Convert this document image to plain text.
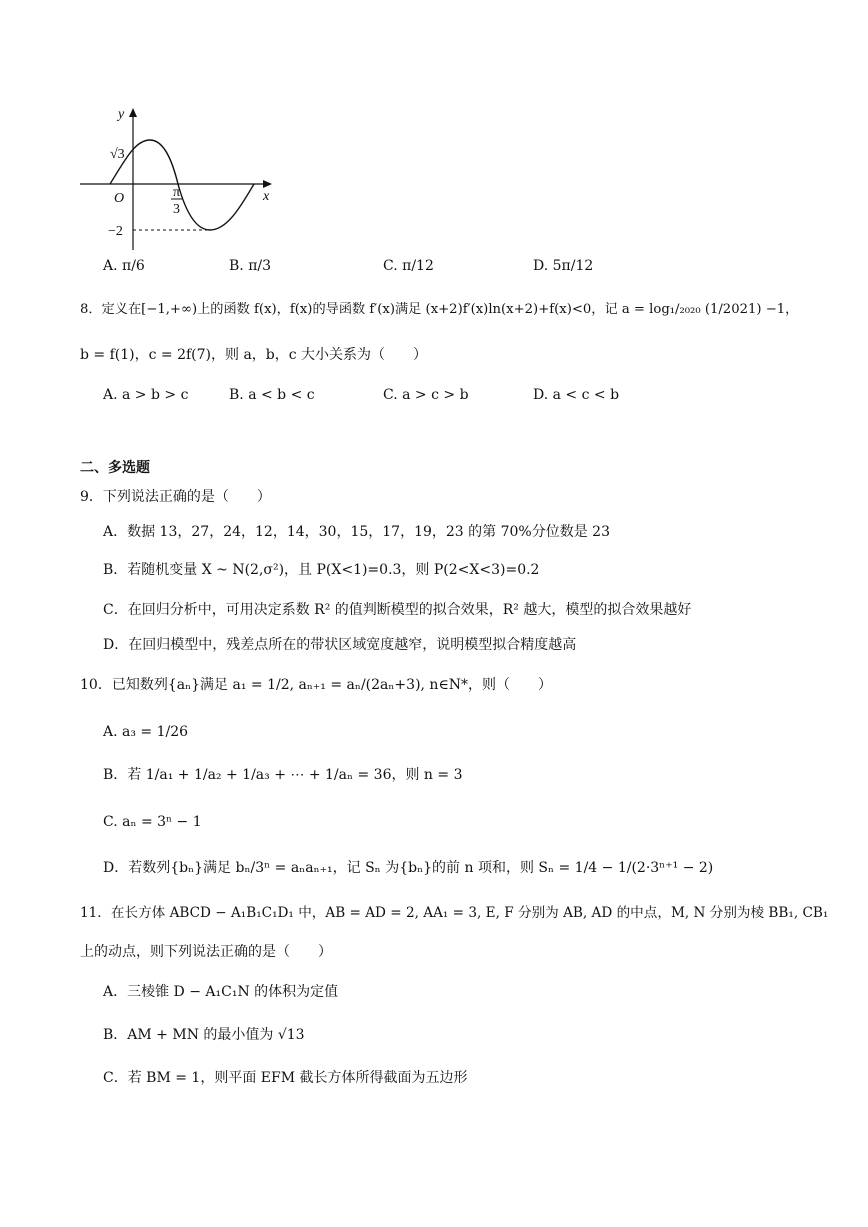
y
x
O
√3
−2
π
3
A. π/6	B. π/3	C. π/12	D. 5π/12
8．定义在[−1,+∞)上的函数 f(x)，f(x)的导函数 f′(x)满足 (x+2)f′(x)ln(x+2)+f(x)<0，记 a = log₁/₂₀₂₀ (1/2021) −1，
b = f(1)，c = 2f(7)，则 a，b，c 大小关系为（　　）
A. a > b > c	B. a < b < c	C. a > c > b	D. a < c < b
二、多选题
9．下列说法正确的是（　　）
A．数据 13，27，24，12，14，30，15，17，19，23 的第 70%分位数是 23
B．若随机变量 X ~ N(2,σ²)，且 P(X<1)=0.3，则 P(2<X<3)=0.2
C．在回归分析中，可用决定系数 R² 的值判断模型的拟合效果，R² 越大，模型的拟合效果越好
D．在回归模型中，残差点所在的带状区域宽度越窄，说明模型拟合精度越高
10．已知数列{aₙ}满足 a₁ = 1/2, aₙ₊₁ = aₙ/(2aₙ+3), n∈N*，则（　　）
A. a₃ = 1/26
B．若 1/a₁ + 1/a₂ + 1/a₃ + ⋯ + 1/aₙ = 36，则 n = 3
C. aₙ = 3ⁿ − 1
D．若数列{bₙ}满足 bₙ/3ⁿ = aₙaₙ₊₁，记 Sₙ 为{bₙ}的前 n 项和，则 Sₙ = 1/4 − 1/(2·3ⁿ⁺¹ − 2)
11．在长方体 ABCD − A₁B₁C₁D₁ 中，AB = AD = 2, AA₁ = 3, E, F 分别为 AB, AD 的中点，M, N 分别为棱 BB₁, CB₁
上的动点，则下列说法正确的是（　　）
A．三棱锥 D − A₁C₁N 的体积为定值
B．AM + MN 的最小值为 √13
C．若 BM = 1，则平面 EFM 截长方体所得截面为五边形
